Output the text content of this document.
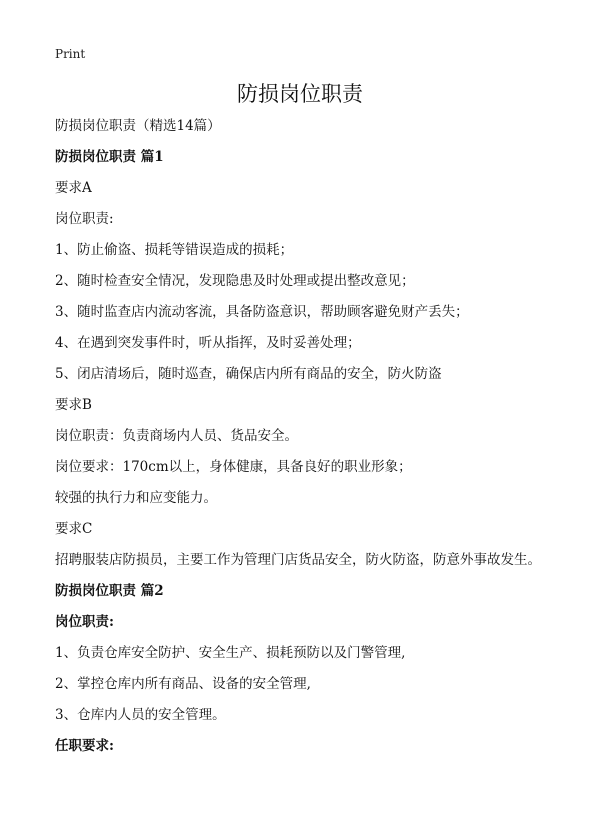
Print
防损岗位职责
防损岗位职责（精选14篇）
防损岗位职责 篇1
要求A
岗位职责:
1、防止偷盗、损耗等错误造成的损耗；
2、随时检查安全情况，发现隐患及时处理或提出整改意见；
3、随时监查店内流动客流，具备防盗意识，帮助顾客避免财产丢失；
4、在遇到突发事件时，听从指挥，及时妥善处理；
5、闭店清场后，随时巡查，确保店内所有商品的安全，防火防盗
要求B
岗位职责：负责商场内人员、货品安全。
岗位要求：170cm以上，身体健康，具备良好的职业形象；
较强的执行力和应变能力。
要求C
招聘服装店防损员，主要工作为管理门店货品安全，防火防盗，防意外事故发生。
防损岗位职责 篇2
岗位职责:
1、负责仓库安全防护、安全生产、损耗预防以及门警管理,
2、掌控仓库内所有商品、设备的安全管理,
3、仓库内人员的安全管理。
任职要求:
